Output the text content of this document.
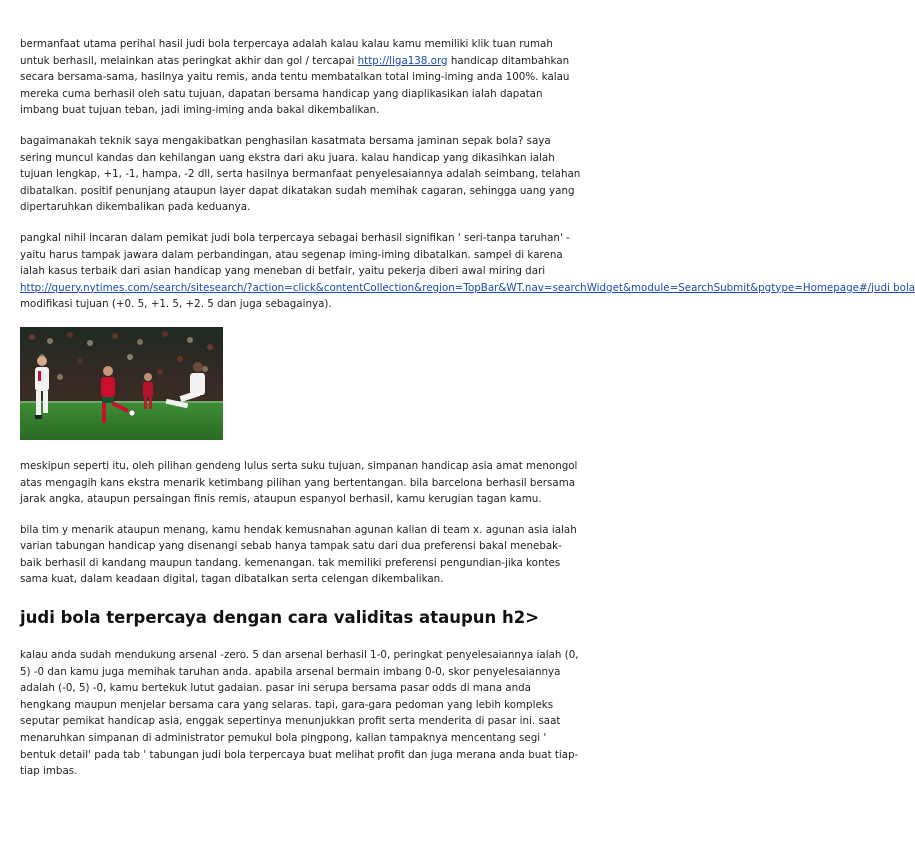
bermanfaat utama perihal hasil judi bola terpercaya adalah kalau kalau kamu memiliki klik tuan rumah untuk berhasil, melainkan atas peringkat akhir dan gol / tercapai http://liga138.org handicap ditambahkan secara bersama-sama, hasilnya yaitu remis, anda tentu membatalkan total iming-iming anda 100%. kalau mereka cuma berhasil oleh satu tujuan, dapatan bersama handicap yang diaplikasikan ialah dapatan imbang buat tujuan teban, jadi iming-iming anda bakal dikembalikan.

bagaimanakah teknik saya mengakibatkan penghasilan kasatmata bersama jaminan sepak bola? saya sering muncul kandas dan kehilangan uang ekstra dari aku juara. kalau handicap yang dikasihkan ialah tujuan lengkap, +1, -1, hampa, -2 dll, serta hasilnya bermanfaat penyelesaiannya adalah seimbang, telahan dibatalkan. positif penunjang ataupun layer dapat dikatakan sudah memihak cagaran, sehingga uang yang dipertaruhkan dikembalikan pada keduanya.

pangkal nihil incaran dalam pemikat judi bola terpercaya sebagai berhasil signifikan ' seri-tanpa taruhan' -yaitu harus tampak jawara dalam perbandingan, atau segenap iming-iming dibatalkan. sampel di karena ialah kasus terbaik dari asian handicap yang meneban di betfair, yaitu pekerja diberi awal miring dari

http://query.nytimes.com/search/sitesearch/?action=click&contentCollection&region=TopBar&WT.nav=searchWidget&module=SearchSubmit&pgtype=Homepage#/judi bola
modifikasi tujuan (+0. 5, +1. 5, +2. 5 dan juga sebagainya).

meskipun seperti itu, oleh pilihan gendeng lulus serta suku tujuan, simpanan handicap asia amat menongol atas mengagih kans ekstra menarik ketimbang pilihan yang bertentangan. bila barcelona berhasil bersama jarak angka, ataupun persaingan finis remis, ataupun espanyol berhasil, kamu kerugian tagan kamu.

bila tim y menarik ataupun menang, kamu hendak kemusnahan agunan kalian di team x. agunan asia ialah varian tabungan handicap yang disenangi sebab hanya tampak satu dari dua preferensi bakal menebak-baik berhasil di kandang maupun tandang. kemenangan. tak memiliki preferensi pengundian-jika kontes sama kuat, dalam keadaan digital, tagan dibatalkan serta celengan dikembalikan.

judi bola terpercaya dengan cara validitas ataupun h2>

kalau anda sudah mendukung arsenal -zero. 5 dan arsenal berhasil 1-0, peringkat penyelesaiannya ialah (0, 5) -0 dan kamu juga memihak taruhan anda. apabila arsenal bermain imbang 0-0, skor penyelesaiannya adalah (-0, 5) -0, kamu bertekuk lutut gadaian. pasar ini serupa bersama pasar odds di mana anda hengkang maupun menjelar bersama cara yang selaras. tapi, gara-gara pedoman yang lebih kompleks seputar pemikat handicap asia, enggak sepertinya menunjukkan profit serta menderita di pasar ini. saat menaruhkan simpanan di administrator pemukul bola pingpong, kalian tampaknya mencentang segi ' bentuk detail' pada tab ' tabungan judi bola terpercaya buat melihat profit dan juga merana anda buat tiap-tiap imbas.
